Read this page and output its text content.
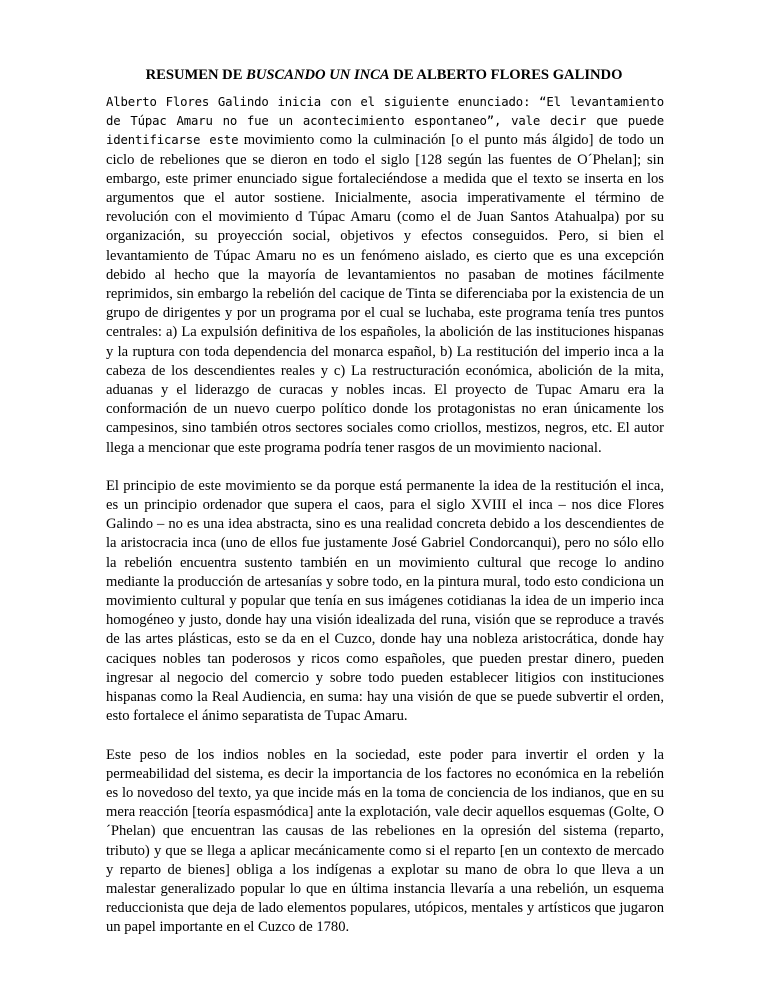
RESUMEN DE BUSCANDO UN INCA DE ALBERTO FLORES GALINDO

Alberto Flores Galindo inicia con el siguiente enunciado: “El levantamiento de Túpac Amaru no fue un acontecimiento espontaneo”, vale decir que puede identificarse este movimiento como la culminación [o el punto más álgido] de todo un ciclo de rebeliones que se dieron en todo el siglo [128 según las fuentes de O´Phelan]; sin embargo, este primer enunciado sigue fortaleciéndose a medida que el texto se inserta en los argumentos que el autor sostiene. Inicialmente, asocia imperativamente el término de revolución con el movimiento d Túpac Amaru (como el de Juan Santos Atahualpa) por su organización, su proyección social, objetivos y efectos conseguidos. Pero, si bien el levantamiento de Túpac Amaru no es un fenómeno aislado, es cierto que es una excepción debido al hecho que la mayoría de levantamientos no pasaban de motines fácilmente reprimidos, sin embargo la rebelión del cacique de Tinta se diferenciaba por la existencia de un grupo de dirigentes y por un programa por el cual se luchaba, este programa tenía tres puntos centrales: a) La expulsión definitiva de los españoles, la abolición de las instituciones hispanas y la ruptura con toda dependencia del monarca español, b) La restitución del imperio inca a la cabeza de los descendientes reales y c) La restructuración económica, abolición de la mita, aduanas y el liderazgo de curacas y nobles incas. El proyecto de Tupac Amaru era la conformación de un nuevo cuerpo político donde los protagonistas no eran únicamente los campesinos, sino también otros sectores sociales como criollos, mestizos, negros, etc. El autor llega a mencionar que este programa podría tener rasgos de un movimiento nacional.

El principio de este movimiento se da porque está permanente la idea de la restitución el inca, es un principio ordenador que supera el caos, para el siglo XVIII el inca – nos dice Flores Galindo – no es una idea abstracta, sino es una realidad concreta debido a los descendientes de la aristocracia inca (uno de ellos fue justamente José Gabriel Condorcanqui), pero no sólo ello la rebelión encuentra sustento también en un movimiento cultural que recoge lo andino mediante la producción de artesanías y sobre todo, en la pintura mural, todo esto condiciona un movimiento cultural y popular que tenía en sus imágenes cotidianas la idea de un imperio inca homogéneo y justo, donde hay una visión idealizada del runa, visión que se reproduce a través de las artes plásticas, esto se da en el Cuzco, donde hay una nobleza aristocrática, donde hay caciques nobles tan poderosos y ricos como españoles, que pueden prestar dinero, pueden ingresar al negocio del comercio y sobre todo pueden establecer litigios con instituciones hispanas como la Real Audiencia, en suma: hay una visión de que se puede subvertir el orden, esto fortalece el ánimo separatista de Tupac Amaru.

Este peso de los indios nobles en la sociedad, este poder para invertir el orden y la permeabilidad del sistema, es decir la importancia de los factores no económica en la rebelión es lo novedoso del texto, ya que incide más en la toma de conciencia de los indianos, que en su mera reacción [teoría espasmódica] ante la explotación, vale decir aquellos esquemas (Golte, O´Phelan) que encuentran las causas de las rebeliones en la opresión del sistema (reparto, tributo) y que se llega a aplicar mecánicamente como si el reparto [en un contexto de mercado y reparto de bienes] obliga a los indígenas a explotar su mano de obra lo que lleva a un malestar generalizado popular lo que en última instancia llevaría a una rebelión, un esquema reduccionista que deja de lado elementos populares, utópicos, mentales y artísticos que jugaron un papel importante en el Cuzco de 1780.
